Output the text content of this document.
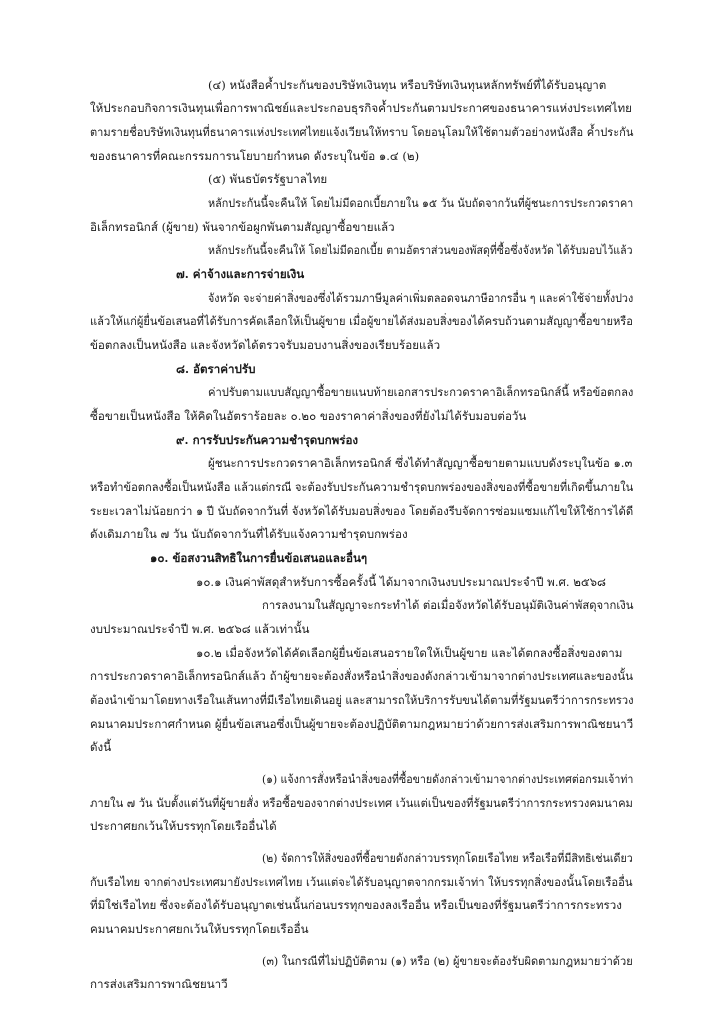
(๔) หนังสือค้ำประกันของบริษัทเงินทุน หรือบริษัทเงินทุนหลักทรัพย์ที่ได้รับอนุญาต
ให้ประกอบกิจการเงินทุนเพื่อการพาณิชย์และประกอบธุรกิจค้ำประกันตามประกาศของธนาคารแห่งประเทศไทย
ตามรายชื่อบริษัทเงินทุนที่ธนาคารแห่งประเทศไทยแจ้งเวียนให้ทราบ โดยอนุโลมให้ใช้ตามตัวอย่างหนังสือ ค้ำประกัน
ของธนาคารที่คณะกรรมการนโยบายกำหนด ดังระบุในข้อ ๑.๔ (๒)
(๕) พันธบัตรรัฐบาลไทย
หลักประกันนี้จะคืนให้ โดยไม่มีดอกเบี้ยภายใน ๑๕ วัน นับถัดจากวันที่ผู้ชนะการประกวดราคา
อิเล็กทรอนิกส์ (ผู้ขาย) พ้นจากข้อผูกพันตามสัญญาซื้อขายแล้ว
หลักประกันนี้จะคืนให้ โดยไม่มีดอกเบี้ย ตามอัตราส่วนของพัสดุที่ซื้อซึ่งจังหวัด ได้รับมอบไว้แล้ว
๗. ค่าจ้างและการจ่ายเงิน
จังหวัด จะจ่ายค่าสิ่งของซึ่งได้รวมภาษีมูลค่าเพิ่มตลอดจนภาษีอากรอื่น ๆ และค่าใช้จ่ายทั้งปวง
แล้วให้แก่ผู้ยื่นข้อเสนอที่ได้รับการคัดเลือกให้เป็นผู้ขาย เมื่อผู้ขายได้ส่งมอบสิ่งของได้ครบถ้วนตามสัญญาซื้อขายหรือ
ข้อตกลงเป็นหนังสือ และจังหวัดได้ตรวจรับมอบงานสิ่งของเรียบร้อยแล้ว
๘. อัตราค่าปรับ
ค่าปรับตามแบบสัญญาซื้อขายแนบท้ายเอกสารประกวดราคาอิเล็กทรอนิกส์นี้ หรือข้อตกลง
ซื้อขายเป็นหนังสือ ให้คิดในอัตราร้อยละ ๐.๒๐ ของราคาค่าสิ่งของที่ยังไม่ได้รับมอบต่อวัน
๙. การรับประกันความชำรุดบกพร่อง
ผู้ชนะการประกวดราคาอิเล็กทรอนิกส์ ซึ่งได้ทำสัญญาซื้อขายตามแบบดังระบุในข้อ ๑.๓
หรือทำข้อตกลงซื้อเป็นหนังสือ แล้วแต่กรณี จะต้องรับประกันความชำรุดบกพร่องของสิ่งของที่ซื้อขายที่เกิดขึ้นภายใน
ระยะเวลาไม่น้อยกว่า ๑ ปี นับถัดจากวันที่ จังหวัดได้รับมอบสิ่งของ โดยต้องรีบจัดการซ่อมแซมแก้ไขให้ใช้การได้ดี
ดังเดิมภายใน ๗ วัน นับถัดจากวันที่ได้รับแจ้งความชำรุดบกพร่อง
๑๐. ข้อสงวนสิทธิในการยื่นข้อเสนอและอื่นๆ
๑๐.๑ เงินค่าพัสดุสำหรับการซื้อครั้งนี้ ได้มาจากเงินงบประมาณประจำปี พ.ศ. ๒๕๖๘
การลงนามในสัญญาจะกระทำได้ ต่อเมื่อจังหวัดได้รับอนุมัติเงินค่าพัสดุจากเงิน
งบประมาณประจำปี พ.ศ. ๒๕๖๘ แล้วเท่านั้น
๑๐.๒ เมื่อจังหวัดได้คัดเลือกผู้ยื่นข้อเสนอรายใดให้เป็นผู้ขาย และได้ตกลงซื้อสิ่งของตาม
การประกวดราคาอิเล็กทรอนิกส์แล้ว ถ้าผู้ขายจะต้องสั่งหรือนำสิ่งของดังกล่าวเข้ามาจากต่างประเทศและของนั้น
ต้องนำเข้ามาโดยทางเรือในเส้นทางที่มีเรือไทยเดินอยู่ และสามารถให้บริการรับขนได้ตามที่รัฐมนตรีว่าการกระทรวง
คมนาคมประกาศกำหนด ผู้ยื่นข้อเสนอซึ่งเป็นผู้ขายจะต้องปฏิบัติตามกฎหมายว่าด้วยการส่งเสริมการพาณิชยนาวี
ดังนี้
(๑) แจ้งการสั่งหรือนำสิ่งของที่ซื้อขายดังกล่าวเข้ามาจากต่างประเทศต่อกรมเจ้าท่า
ภายใน ๗ วัน นับตั้งแต่วันที่ผู้ขายสั่ง หรือซื้อของจากต่างประเทศ เว้นแต่เป็นของที่รัฐมนตรีว่าการกระทรวงคมนาคม
ประกาศยกเว้นให้บรรทุกโดยเรืออื่นได้
(๒) จัดการให้สิ่งของที่ซื้อขายดังกล่าวบรรทุกโดยเรือไทย หรือเรือที่มีสิทธิเช่นเดียว
กับเรือไทย จากต่างประเทศมายังประเทศไทย เว้นแต่จะได้รับอนุญาตจากกรมเจ้าท่า ให้บรรทุกสิ่งของนั้นโดยเรืออื่น
ที่มิใช่เรือไทย ซึ่งจะต้องได้รับอนุญาตเช่นนั้นก่อนบรรทุกของลงเรืออื่น หรือเป็นของที่รัฐมนตรีว่าการกระทรวง
คมนาคมประกาศยกเว้นให้บรรทุกโดยเรืออื่น
(๓) ในกรณีที่ไม่ปฏิบัติตาม (๑) หรือ (๒) ผู้ขายจะต้องรับผิดตามกฎหมายว่าด้วย
การส่งเสริมการพาณิชยนาวี
